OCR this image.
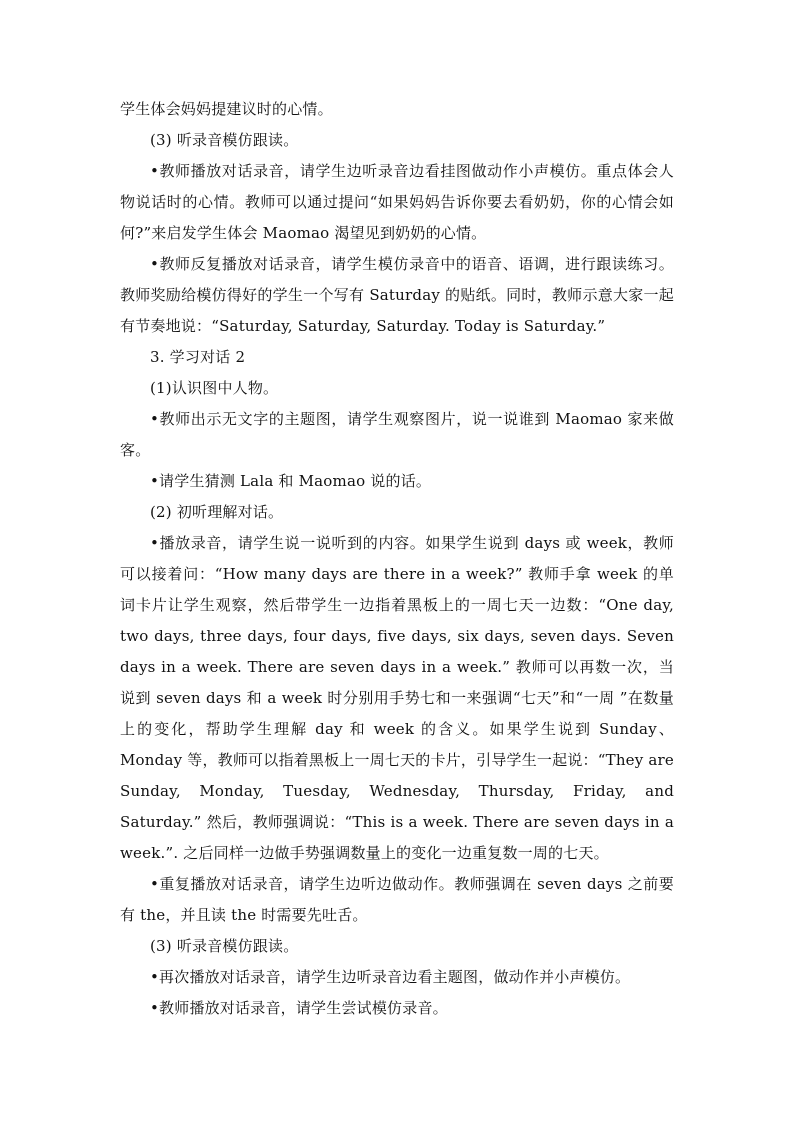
学生体会妈妈提建议时的心情。

(3) 听录音模仿跟读。

•教师播放对话录音，请学生边听录音边看挂图做动作小声模仿。重点体会人物说话时的心情。教师可以通过提问“如果妈妈告诉你要去看奶奶，你的心情会如何?”来启发学生体会 Maomao 渴望见到奶奶的心情。

•教师反复播放对话录音，请学生模仿录音中的语音、语调，进行跟读练习。教师奖励给模仿得好的学生一个写有 Saturday 的贴纸。同时，教师示意大家一起有节奏地说：“Saturday, Saturday, Saturday. Today is Saturday.”

3. 学习对话 2

(1)认识图中人物。

•教师出示无文字的主题图，请学生观察图片，说一说谁到 Maomao 家来做客。

•请学生猜测 Lala 和 Maomao 说的话。

(2) 初听理解对话。

•播放录音，请学生说一说听到的内容。如果学生说到 days 或 week，教师可以接着问：“How many days are there in a week?” 教师手拿 week 的单词卡片让学生观察，然后带学生一边指着黑板上的一周七天一边数：“One day, two days, three days, four days, five days, six days, seven days. Seven days in a week. There are seven days in a week.” 教师可以再数一次，当说到 seven days 和 a week 时分别用手势七和一来强调“七天”和“一周 ”在数量上的变化，帮助学生理解 day 和 week 的含义。如果学生说到 Sunday、Monday 等，教师可以指着黑板上一周七天的卡片，引导学生一起说：“They are Sunday, Monday, Tuesday, Wednesday, Thursday, Friday, and Saturday.” 然后，教师强调说：“This is a week. There are seven days in a week.”. 之后同样一边做手势强调数量上的变化一边重复数一周的七天。

•重复播放对话录音，请学生边听边做动作。教师强调在 seven days 之前要有 the，并且读 the 时需要先吐舌。

(3) 听录音模仿跟读。

•再次播放对话录音，请学生边听录音边看主题图，做动作并小声模仿。

•教师播放对话录音，请学生尝试模仿录音。
